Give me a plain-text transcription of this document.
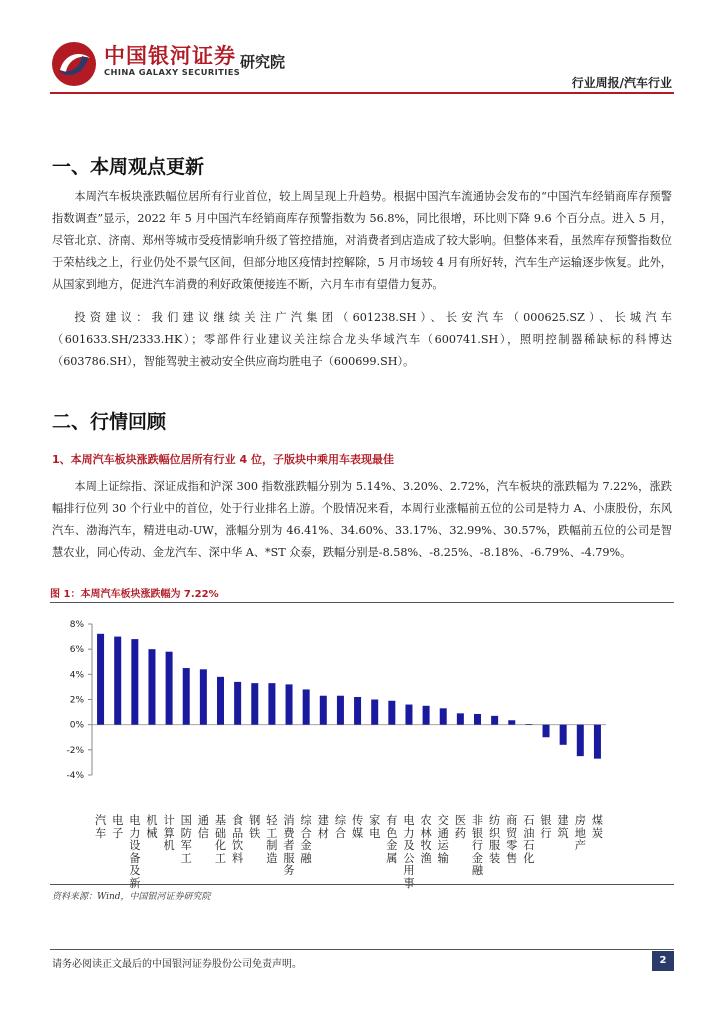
中国银河证券
CHINA GALAXY SECURITIES
研究院
行业周报/汽车行业
一、本周观点更新

本周汽车板块涨跌幅位居所有行业首位，较上周呈现上升趋势。根据中国汽车流通协会发布的“中国汽车经销商库存预警指数调查”显示，2022 年 5 月中国汽车经销商库存预警指数为 56.8%，同比很增，环比则下降 9.6 个百分点。进入 5 月，尽管北京、济南、郑州等城市受疫情影响升级了管控措施，对消费者到店造成了较大影响。但整体来看，虽然库存预警指数位于荣枯线之上，行业仍处不景气区间，但部分地区疫情封控解除，5 月市场较 4 月有所好转，汽车生产运输逐步恢复。此外，从国家到地方，促进汽车消费的利好政策便接连不断，六月车市有望借力复苏。

投资建议：我们建议继续关注广汽集团（601238.SH）、长安汽车（000625.SZ）、长城汽车（601633.SH/2333.HK）；零部件行业建议关注综合龙头华域汽车（600741.SH），照明控制器稀缺标的科博达（603786.SH），智能驾驶主被动安全供应商均胜电子（600699.SH）。

二、行情回顾
1、本周汽车板块涨跌幅位居所有行业 4 位，子版块中乘用车表现最佳

本周上证综指、深证成指和沪深 300 指数涨跌幅分别为 5.14%、3.20%、2.72%，汽车板块的涨跌幅为 7.22%，涨跌幅排行位列 30 个行业中的首位，处于行业排名上游。个股情况来看，本周行业涨幅前五位的公司是特力 A、小康股份，东风汽车、渤海汽车，精进电动-UW，涨幅分别为 46.41%、34.60%、33.17%、32.99%、30.57%，跌幅前五位的公司是智慧农业，同心传动、金龙汽车、深中华 A、*ST 众泰，跌幅分别是-8.58%、-8.25%、-8.18%、-6.79%、-4.79%。

图 1：本周汽车板块涨跌幅为 7.22%
8%
6%
4%
2%
0%
-2%
-4%
汽车
电子
电力设备及新
机械
计算机
国防军工
通信
基础化工
食品饮料
钢铁
轻工制造
消费者服务
综合金融
建材
综合
传媒
家电
有色金属
电力及公用事
农林牧渔
交通运输
医药
非银行金融
纺织服装
商贸零售
石油石化
银行
建筑
房地产
煤炭
资料来源：Wind，中国银河证券研究院
请务必阅读正文最后的中国银河证券股份公司免责声明。	2
